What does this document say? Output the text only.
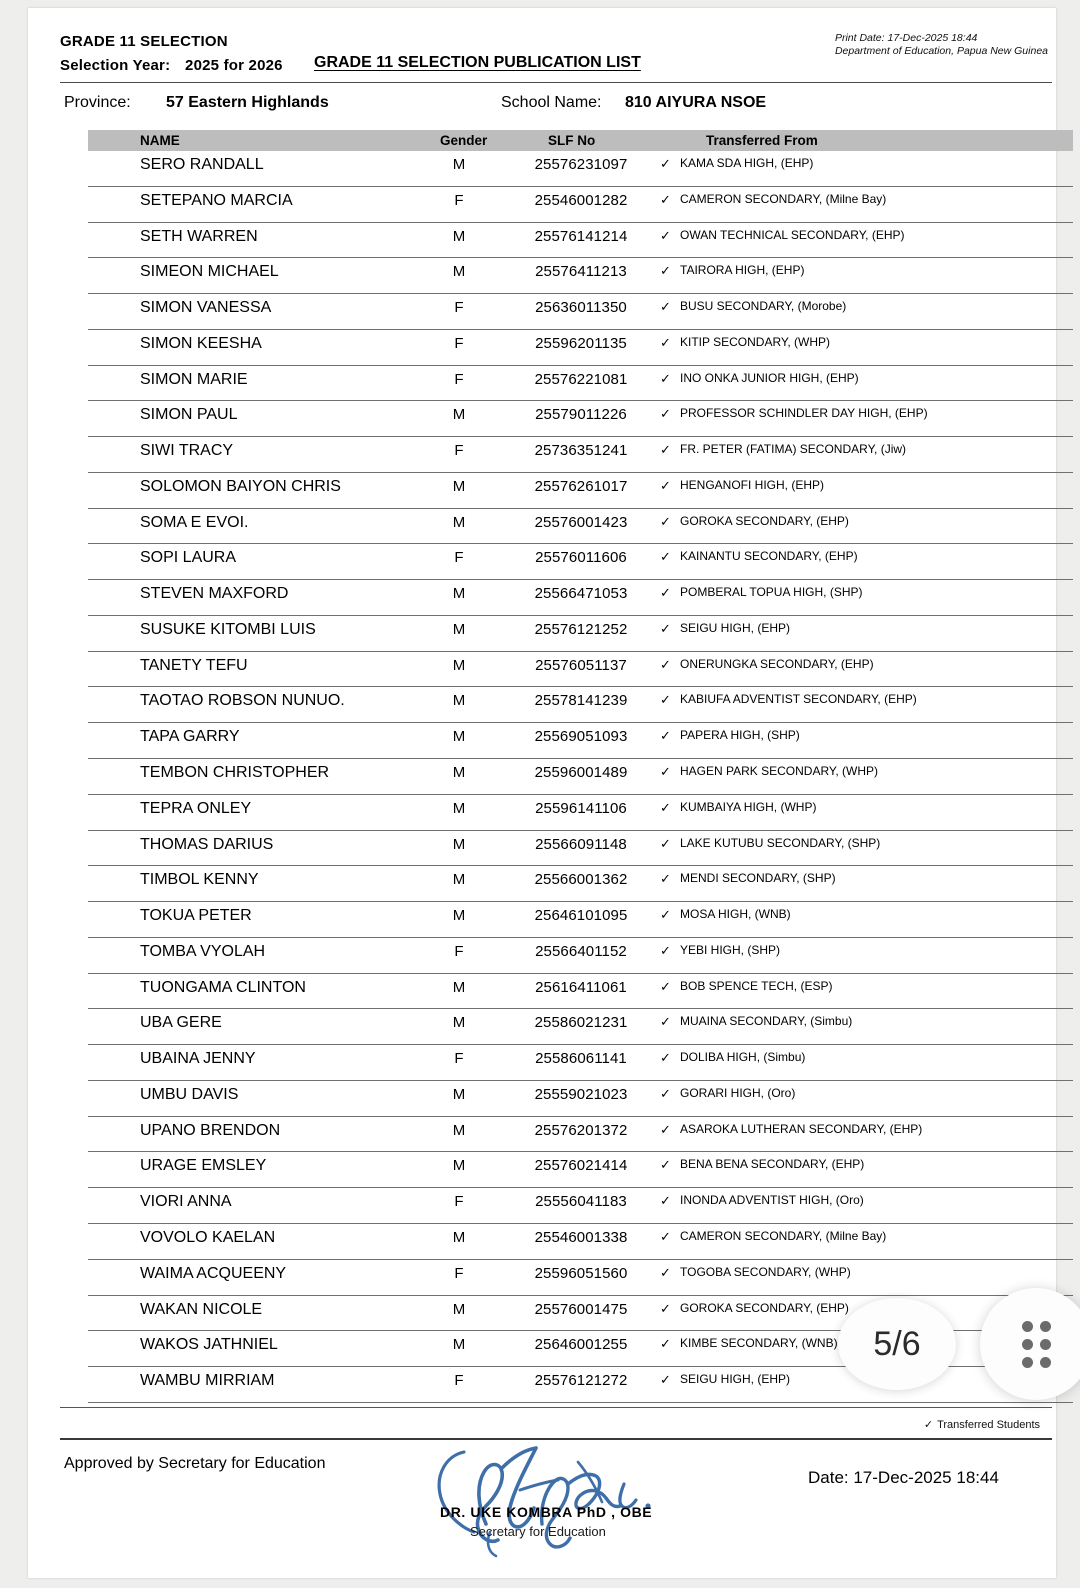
GRADE 11 SELECTION
Selection Year: 2025 for 2026 GRADE 11 SELECTION PUBLICATION LIST
Print Date: 17-Dec-2025 18:44
Department of Education, Papua New Guinea
Province: 57 Eastern Highlands	School Name: 810 AIYURA NSOE
NAME	Gender	SLF No	Transferred From
SERO RANDALL	M	25576231097	✓ KAMA SDA HIGH, (EHP)
SETEPANO MARCIA	F	25546001282	✓ CAMERON SECONDARY, (Milne Bay)
SETH WARREN	M	25576141214	✓ OWAN TECHNICAL SECONDARY, (EHP)
SIMEON MICHAEL	M	25576411213	✓ TAIRORA HIGH, (EHP)
SIMON VANESSA	F	25636011350	✓ BUSU SECONDARY, (Morobe)
SIMON KEESHA	F	25596201135	✓ KITIP SECONDARY, (WHP)
SIMON MARIE	F	25576221081	✓ INO ONKA JUNIOR HIGH, (EHP)
SIMON PAUL	M	25579011226	✓ PROFESSOR SCHINDLER DAY HIGH, (EHP)
SIWI TRACY	F	25736351241	✓ FR. PETER (FATIMA) SECONDARY, (Jiw)
SOLOMON BAIYON CHRIS	M	25576261017	✓ HENGANOFI HIGH, (EHP)
SOMA E EVOI.	M	25576001423	✓ GOROKA SECONDARY, (EHP)
SOPI LAURA	F	25576011606	✓ KAINANTU SECONDARY, (EHP)
STEVEN MAXFORD	M	25566471053	✓ POMBERAL TOPUA HIGH, (SHP)
SUSUKE KITOMBI LUIS	M	25576121252	✓ SEIGU HIGH, (EHP)
TANETY TEFU	M	25576051137	✓ ONERUNGKA SECONDARY, (EHP)
TAOTAO ROBSON NUNUO.	M	25578141239	✓ KABIUFA ADVENTIST SECONDARY, (EHP)
TAPA GARRY	M	25569051093	✓ PAPERA HIGH, (SHP)
TEMBON CHRISTOPHER	M	25596001489	✓ HAGEN PARK SECONDARY, (WHP)
TEPRA ONLEY	M	25596141106	✓ KUMBAIYA HIGH, (WHP)
THOMAS DARIUS	M	25566091148	✓ LAKE KUTUBU SECONDARY, (SHP)
TIMBOL KENNY	M	25566001362	✓ MENDI SECONDARY, (SHP)
TOKUA PETER	M	25646101095	✓ MOSA HIGH, (WNB)
TOMBA VYOLAH	F	25566401152	✓ YEBI HIGH, (SHP)
TUONGAMA CLINTON	M	25616411061	✓ BOB SPENCE TECH, (ESP)
UBA GERE	M	25586021231	✓ MUAINA SECONDARY, (Simbu)
UBAINA JENNY	F	25586061141	✓ DOLIBA HIGH, (Simbu)
UMBU DAVIS	M	25559021023	✓ GORARI HIGH, (Oro)
UPANO BRENDON	M	25576201372	✓ ASAROKA LUTHERAN SECONDARY, (EHP)
URAGE EMSLEY	M	25576021414	✓ BENA BENA SECONDARY, (EHP)
VIORI ANNA	F	25556041183	✓ INONDA ADVENTIST HIGH, (Oro)
VOVOLO KAELAN	M	25546001338	✓ CAMERON SECONDARY, (Milne Bay)
WAIMA ACQUEENY	F	25596051560	✓ TOGOBA SECONDARY, (WHP)
WAKAN NICOLE	M	25576001475	✓ GOROKA SECONDARY, (EHP)
WAKOS JATHNIEL	M	25646001255	✓ KIMBE SECONDARY, (WNB)
WAMBU MIRRIAM	F	25576121272	✓ SEIGU HIGH, (EHP)
✓ Transferred Students
Approved by Secretary for Education
DR. UKE KOMBRA PhD , OBE
Secretary for Education
Date: 17-Dec-2025 18:44
5/6
